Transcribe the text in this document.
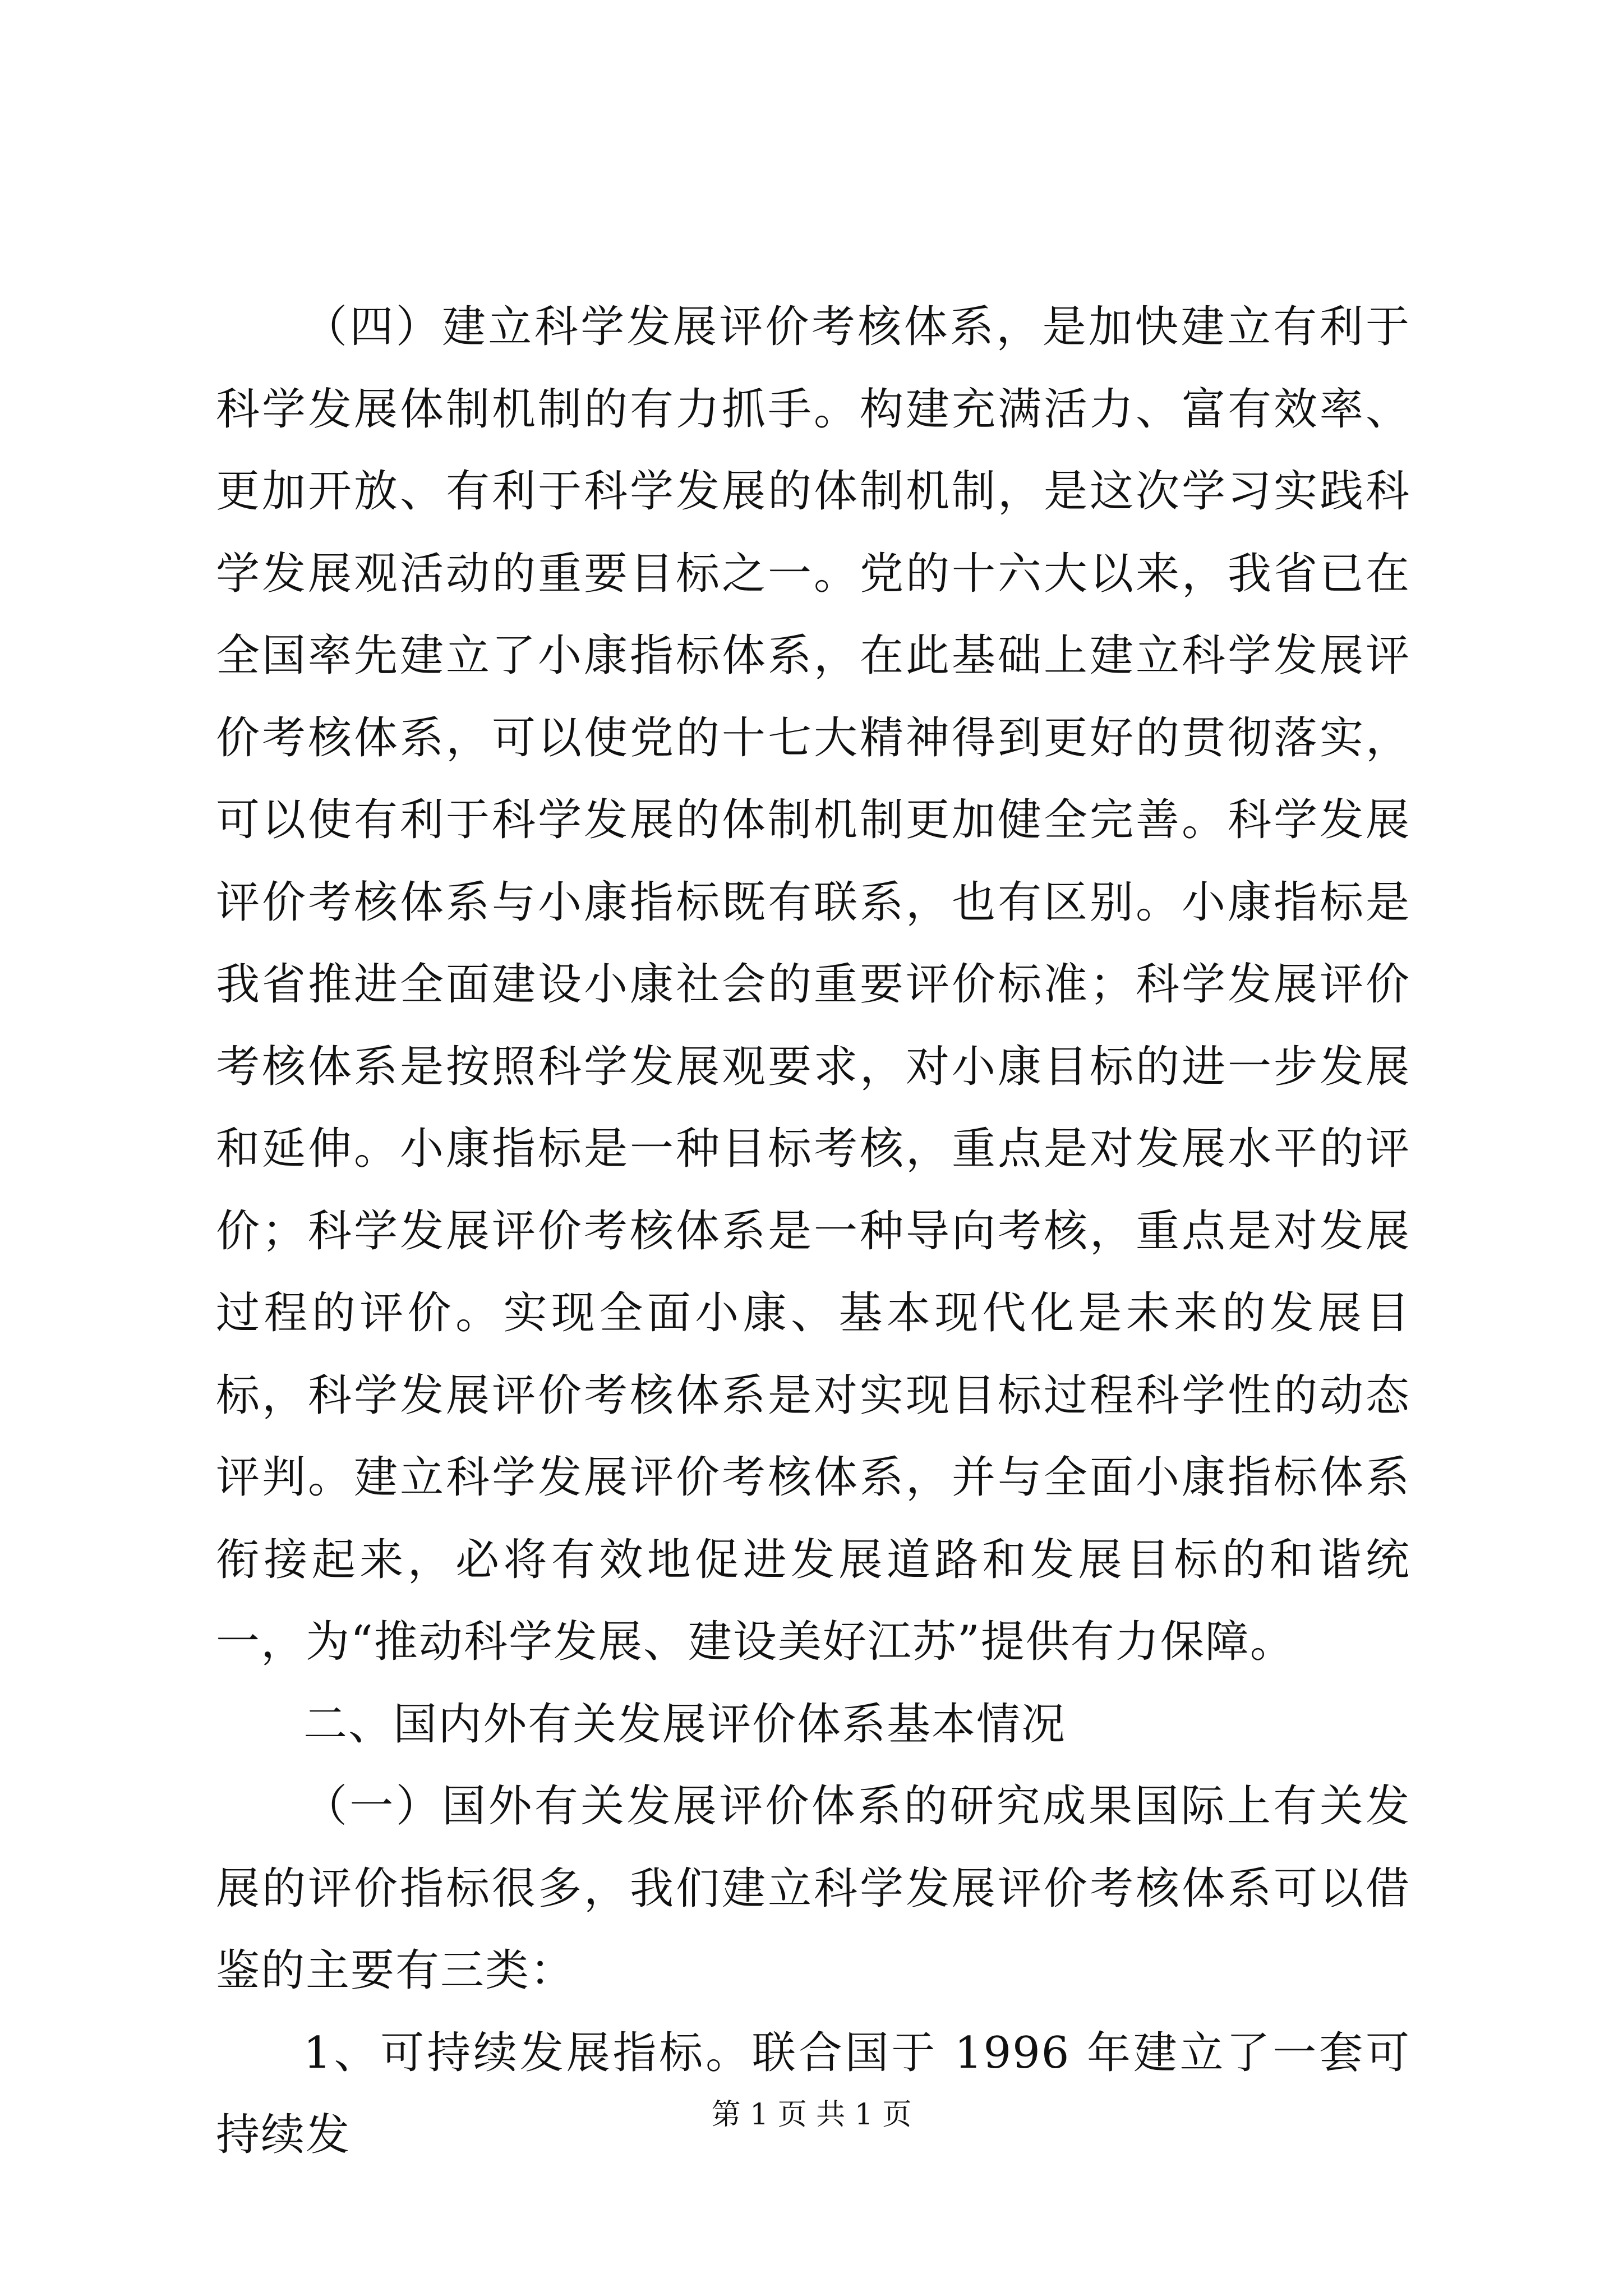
（四）建立科学发展评价考核体系，是加快建立有利于科学发展体制机制的有力抓手。构建充满活力、富有效率、更加开放、有利于科学发展的体制机制，是这次学习实践科学发展观活动的重要目标之一。党的十六大以来，我省已在全国率先建立了小康指标体系，在此基础上建立科学发展评价考核体系，可以使党的十七大精神得到更好的贯彻落实，可以使有利于科学发展的体制机制更加健全完善。科学发展评价考核体系与小康指标既有联系，也有区别。小康指标是我省推进全面建设小康社会的重要评价标准；科学发展评价考核体系是按照科学发展观要求，对小康目标的进一步发展和延伸。小康指标是一种目标考核，重点是对发展水平的评价；科学发展评价考核体系是一种导向考核，重点是对发展过程的评价。实现全面小康、基本现代化是未来的发展目标，科学发展评价考核体系是对实现目标过程科学性的动态评判。建立科学发展评价考核体系，并与全面小康指标体系衔接起来，必将有效地促进发展道路和发展目标的和谐统一，为“推动科学发展、建设美好江苏”提供有力保障。

二、国内外有关发展评价体系基本情况

（一）国外有关发展评价体系的研究成果国际上有关发展的评价指标很多，我们建立科学发展评价考核体系可以借鉴的主要有三类：

1、可持续发展指标。联合国于 1996 年建立了一套可持续发	第 1 页 共 1 页
